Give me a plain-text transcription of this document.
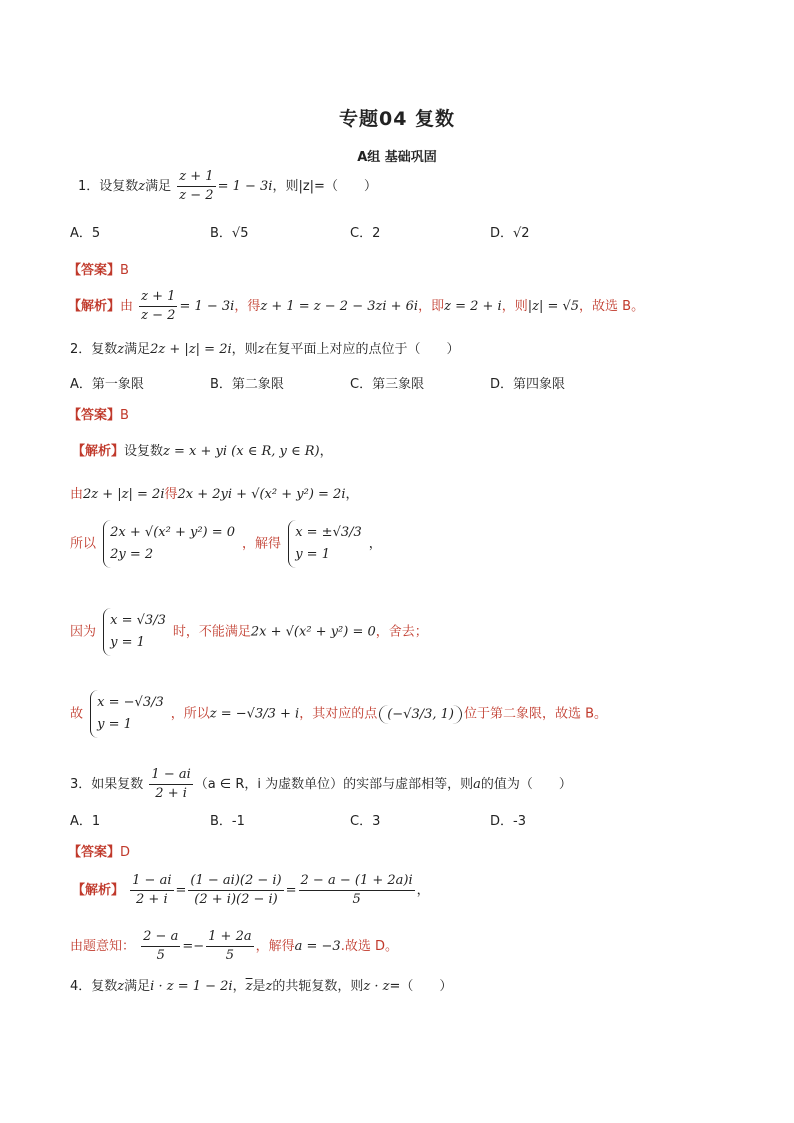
专题04 复数
A组 基础巩固
1．设复数z满足 $\frac{z + 1}{z - 2} = 1 - 3i$，则|z|=（　　）
A．5	B．√5	C．2	D．√2
【答案】B
【解析】由 $\frac{z + 1}{z - 2} = 1 - 3i$，得z + 1 = z − 2 − 3zi + 6i，即z = 2 + i，则|z| = √5，故选 B。
2．复数z满足2z + |z| = 2i，则z在复平面上对应的点位于（　　）
A．第一象限	B．第二象限	C．第三象限	D．第四象限
【答案】B
【解析】设复数z = x + yi (x ∈ R, y ∈ R)，
由2z + |z| = 2i得2x + 2yi + √(x² + y²) = 2i，
所以
2x + √(x² + y²) = 0
2y = 2
，解得
x = ±√3/3
y = 1
，
因为
x = √3/3
y = 1
时，不能满足2x + √(x² + y²) = 0，舍去；
故
x = −√3/3
y = 1
，所以z = −√3/3 + i，其对应的点 (−√3/3, 1) 位于第二象限，故选 B。
3．如果复数 $\frac{1 - ai}{2 + i} (a$ ∈ R，i 为虚数单位）的实部与虚部相等，则a的值为（　　）
A．1	B．-1	C．3	D．-3
【答案】D
【解析】 $\frac{1 - ai}{2 + i} = \frac{(1 - ai)(2 - i)}{(2 + i)(2 - i)} = \frac{2 - a - (1 + 2a)i}{5}$ ，
由题意知： $\frac{2 - a}{5} =- \frac{1 + 2a}{5}$ ，解得a = −3.故选 D。
4．复数z满足i · z = 1 − 2i，$\overline{z}$是z的共轭复数，则z · z=（　　）
